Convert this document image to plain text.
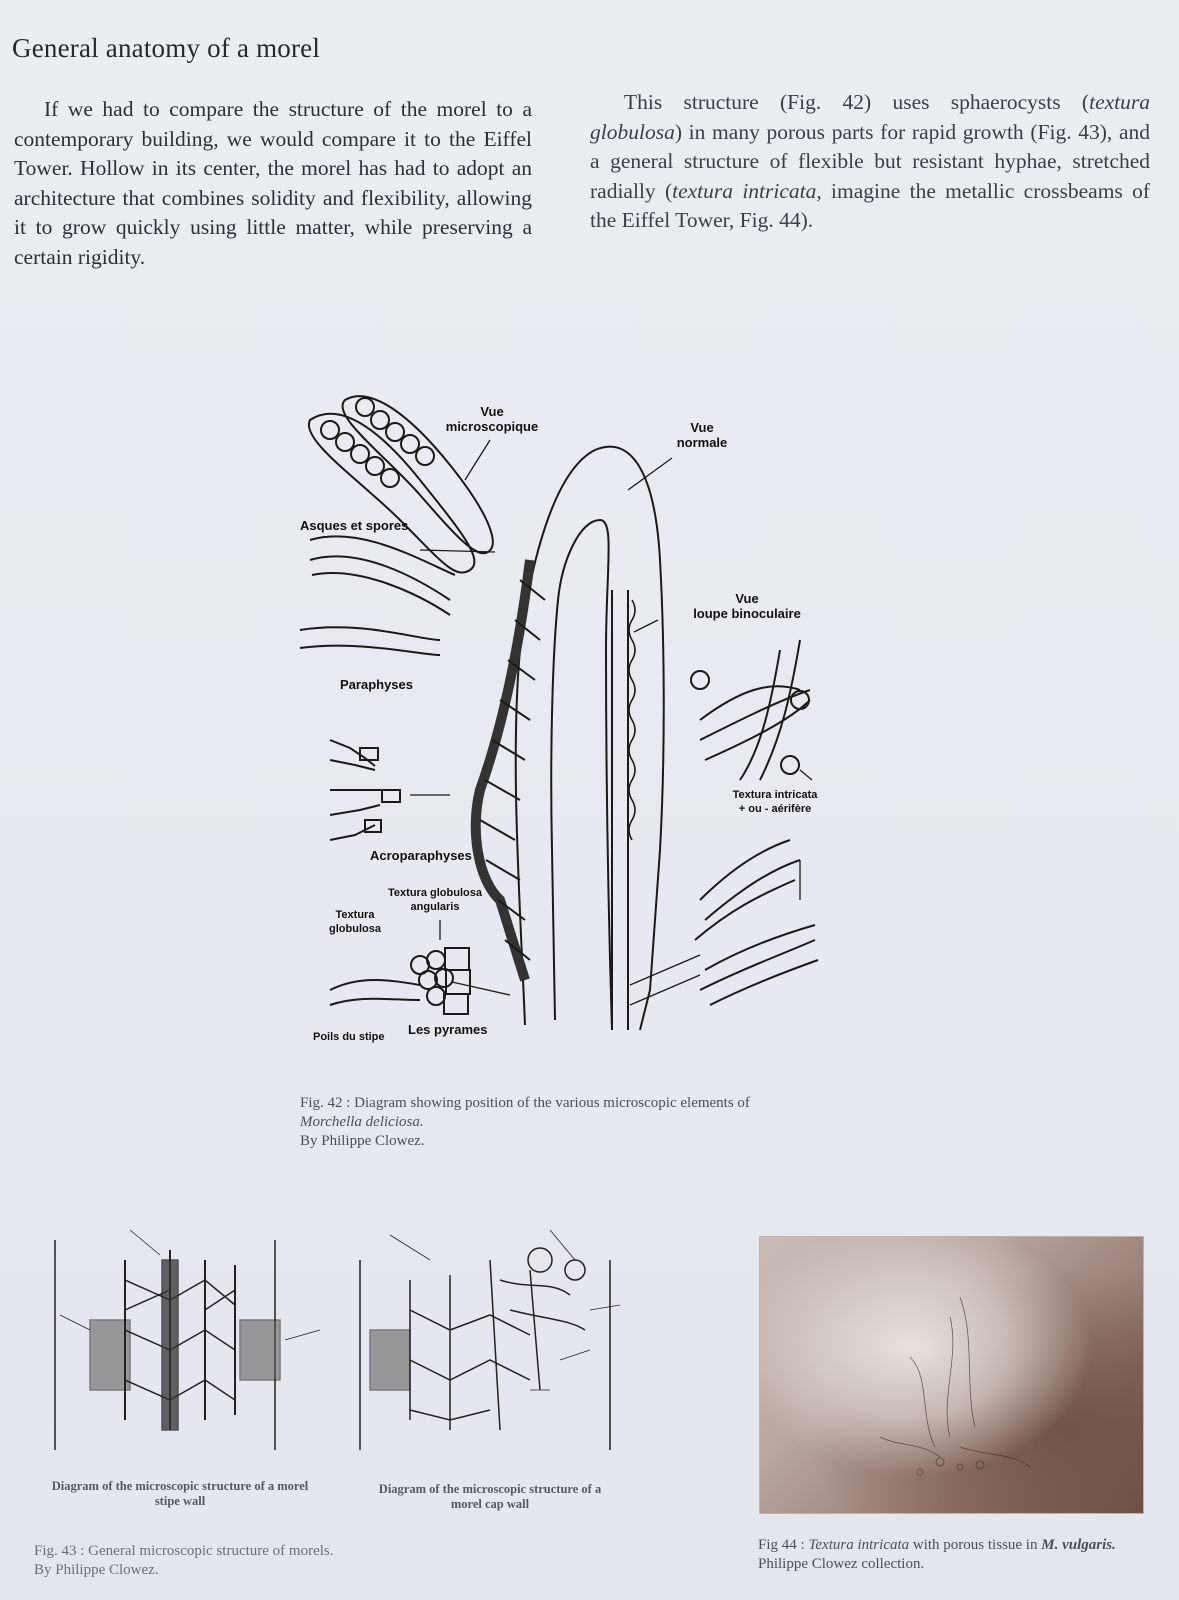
General anatomy of a morel

If we had to compare the structure of the morel to a contemporary building, we would compare it to the Eiffel Tower. Hollow in its center, the morel has had to adopt an architecture that combines solidity and flexibility, allowing it to grow quickly using little matter, while preserving a certain rigidity.

This structure (Fig. 42) uses sphaerocysts (textura globulosa) in many porous parts for rapid growth (Fig. 43), and a general structure of flexible but resistant hyphae, stretched radially (textura intricata, imagine the metallic crossbeams of the Eiffel Tower, Fig. 44).

Vue
microscopique	Vue
normale
Asques et spores
Vue
loupe binoculaire
Paraphyses
Textura intricata
+ ou - aérifère
Acroparaphyses
Textura globulosa
angularis
Textura
globulosa
Poils du stipe Les pyrames
Fig. 42 : Diagram showing position of the various microscopic elements of
Morchella deliciosa.
By Philippe Clowez.
Diagram of the microscopic structure of a morel
stipe wall
Diagram of the microscopic structure of a
morel cap wall
Fig. 43 : General microscopic structure of morels.
By Philippe Clowez.
Fig 44 : Textura intricata with porous tissue in M. vulgaris.
Philippe Clowez collection.
